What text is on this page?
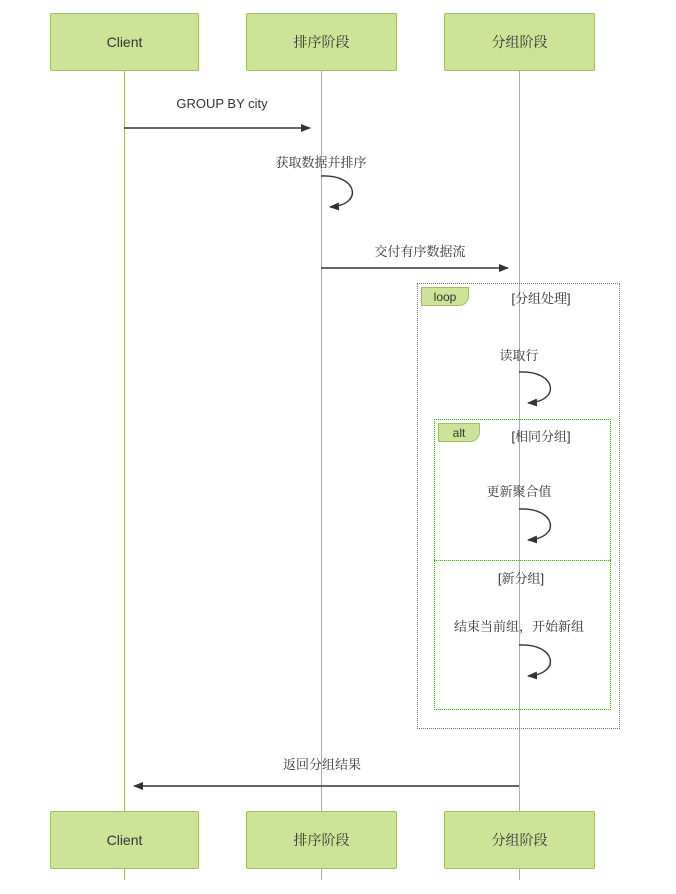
Client	排序阶段	分组阶段
Client	排序阶段	分组阶段
loop	[分组处理]
alt	[相同分组]
[新分组]
GROUP BY city
获取数据并排序
交付有序数据流
读取行
更新聚合值
结束当前组，开始新组
返回分组结果
